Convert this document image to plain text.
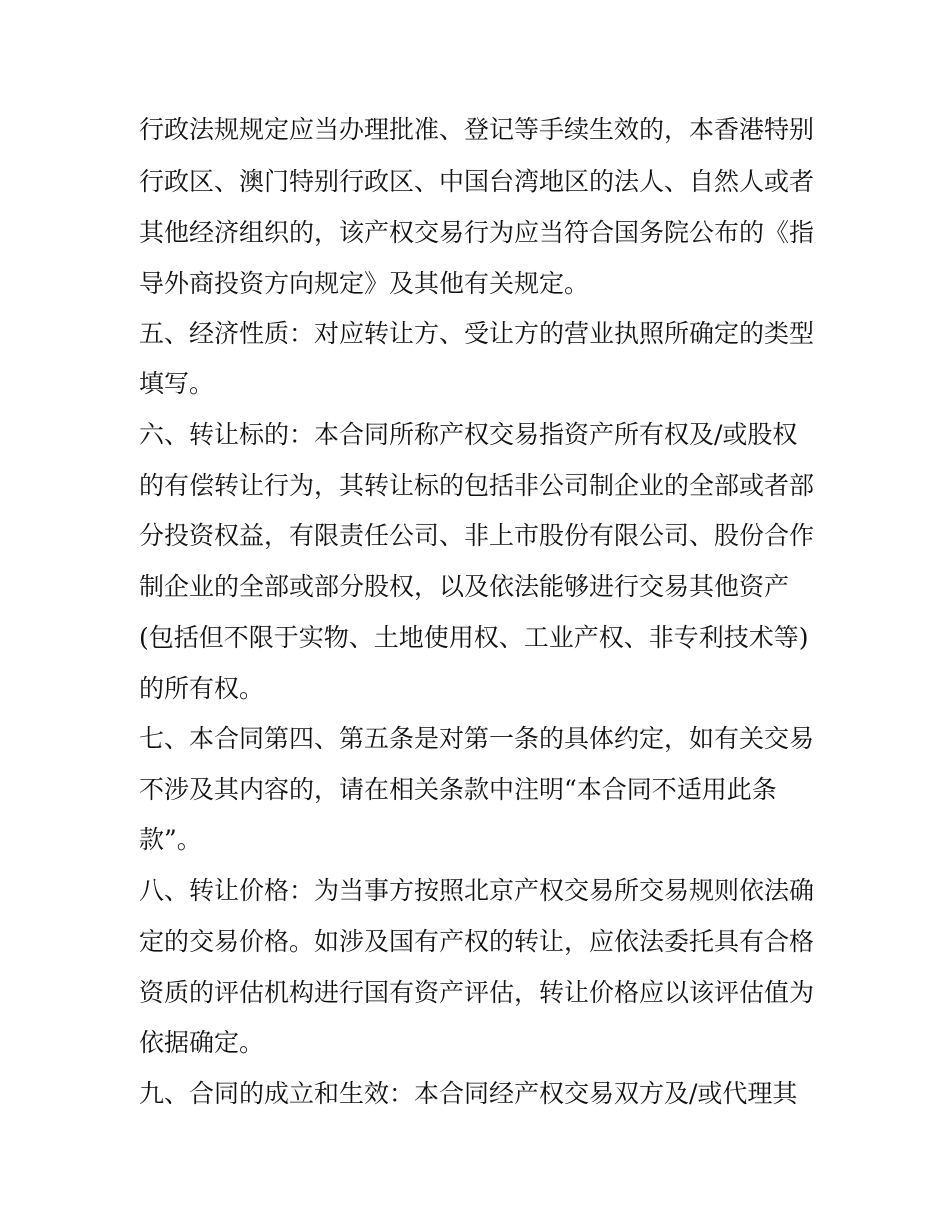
行政法规规定应当办理批准、登记等手续生效的，本香港特别
行政区、澳门特别行政区、中国台湾地区的法人、自然人或者
其他经济组织的，该产权交易行为应当符合国务院公布的《指
导外商投资方向规定》及其他有关规定。
五、经济性质：对应转让方、受让方的营业执照所确定的类型
填写。
六、转让标的：本合同所称产权交易指资产所有权及/或股权
的有偿转让行为，其转让标的包括非公司制企业的全部或者部
分投资权益，有限责任公司、非上市股份有限公司、股份合作
制企业的全部或部分股权，以及依法能够进行交易其他资产
(包括但不限于实物、土地使用权、工业产权、非专利技术等)
的所有权。
七、本合同第四、第五条是对第一条的具体约定，如有关交易
不涉及其内容的，请在相关条款中注明“本合同不适用此条
款”。
八、转让价格：为当事方按照北京产权交易所交易规则依法确
定的交易价格。如涉及国有产权的转让，应依法委托具有合格
资质的评估机构进行国有资产评估，转让价格应以该评估值为
依据确定。
九、合同的成立和生效：本合同经产权交易双方及/或代理其
